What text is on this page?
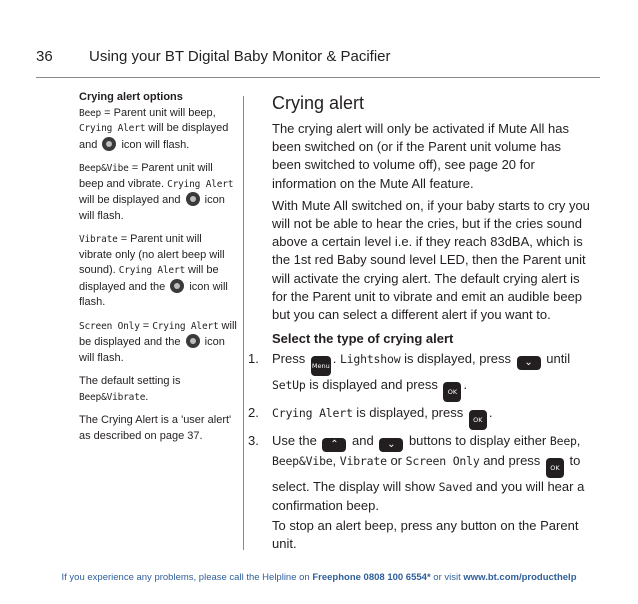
36 Using your BT Digital Baby Monitor & Pacifier

Crying alert options
Beep = Parent unit will beep, Crying Alert will be displayed and  icon will flash.

Beep&Vibe = Parent unit will beep and vibrate. Crying Alert will be displayed and  icon will flash.

Vibrate = Parent unit will vibrate only (no alert beep will sound). Crying Alert will be displayed and the  icon will flash.

Screen Only = Crying Alert will be displayed and the  icon will flash.

The default setting is Beep&Vibrate.

The Crying Alert is a 'user alert' as described on page 37.

Crying alert

The crying alert will only be activated if Mute All has been switched on (or if the Parent unit volume has been switched to volume off), see page 20 for information on the Mute All feature.

With Mute All switched on, if your baby starts to cry you will not be able to hear the cries, but if the cries sound above a certain level i.e. if they reach 83dBA, which is the 1st red Baby sound level LED, then the Parent unit will activate the crying alert. The default crying alert is for the Parent unit to vibrate and emit an audible beep but you can select a different alert if you want to.

Select the type of crying alert

1. Press Menu . Lightshow is displayed, press ⌄ until SetUp is displayed and press OK .
2. Crying Alert is displayed, press OK .
3. Use the ⌃ and ⌄ buttons to display either Beep, Beep&Vibe, Vibrate or Screen Only and press OK to select. The display will show Saved and you will hear a confirmation beep.

To stop an alert beep, press any button on the Parent unit.

If you experience any problems, please call the Helpline on Freephone 0808 100 6554* or visit www.bt.com/producthelp
